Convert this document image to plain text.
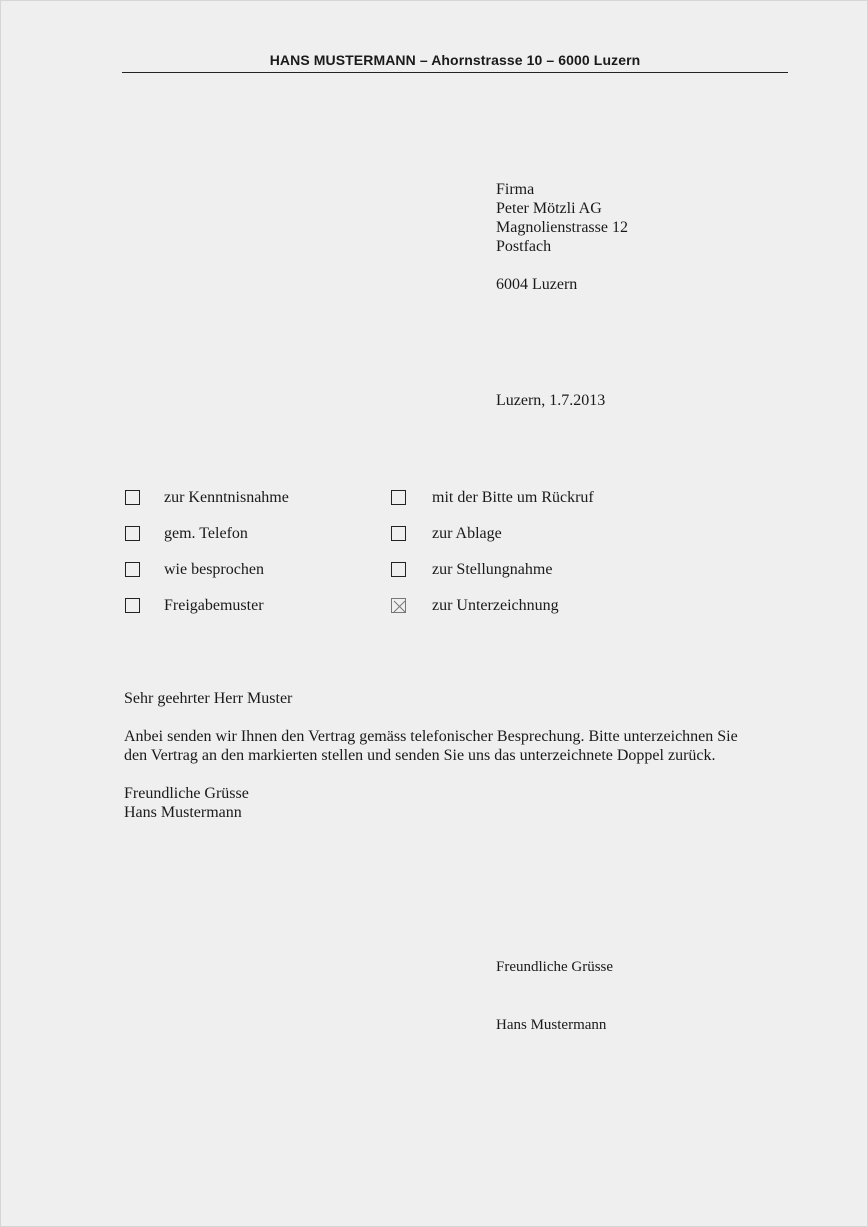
HANS MUSTERMANN – Ahornstrasse 10 – 6000 Luzern
Firma
Peter Mötzli AG
Magnolienstrasse 12
Postfach
6004 Luzern
Luzern, 1.7.2013
zur Kenntnisnahme
gem. Telefon
wie besprochen
Freigabemuster
mit der Bitte um Rückruf
zur Ablage
zur Stellungnahme
zur Unterzeichnung

Sehr geehrter Herr Muster

Anbei senden wir Ihnen den Vertrag gemäss telefonischer Besprechung. Bitte unterzeichnen Sie

den Vertrag an den markierten stellen und senden Sie uns das unterzeichnete Doppel zurück.

Freundliche Grüsse

Hans Mustermann

Freundliche Grüsse
Hans Mustermann
